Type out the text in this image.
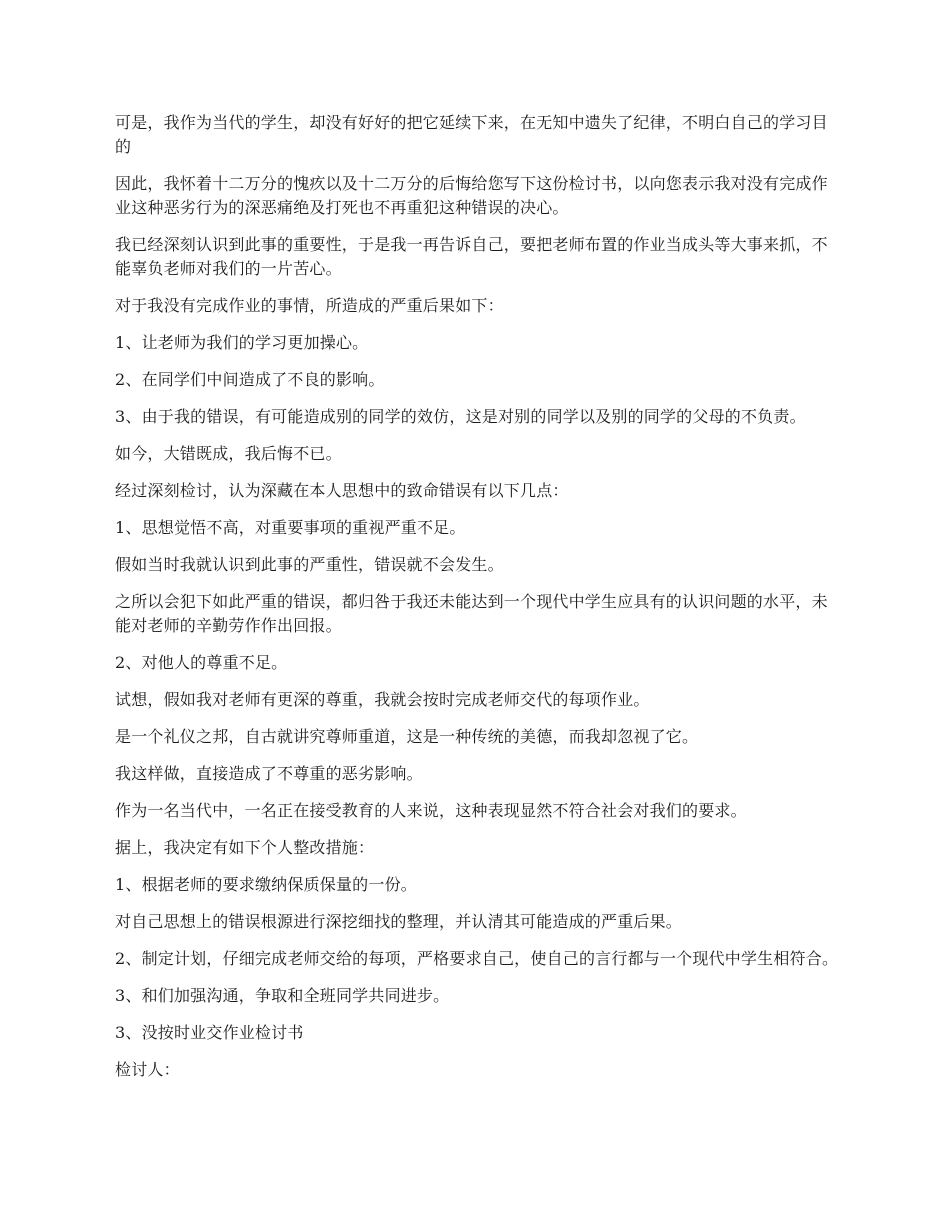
可是，我作为当代的学生，却没有好好的把它延续下来，在无知中遗失了纪律，不明白自己的学习目的

因此，我怀着十二万分的愧疚以及十二万分的后悔给您写下这份检讨书，以向您表示我对没有完成作业这种恶劣行为的深恶痛绝及打死也不再重犯这种错误的决心。

我已经深刻认识到此事的重要性，于是我一再告诉自己，要把老师布置的作业当成头等大事来抓，不能辜负老师对我们的一片苦心。

对于我没有完成作业的事情，所造成的严重后果如下：

1、让老师为我们的学习更加操心。

2、在同学们中间造成了不良的影响。

3、由于我的错误，有可能造成别的同学的效仿，这是对别的同学以及别的同学的父母的不负责。

如今，大错既成，我后悔不已。

经过深刻检讨，认为深藏在本人思想中的致命错误有以下几点：

1、思想觉悟不高，对重要事项的重视严重不足。

假如当时我就认识到此事的严重性，错误就不会发生。

之所以会犯下如此严重的错误，都归咎于我还未能达到一个现代中学生应具有的认识问题的水平，未能对老师的辛勤劳作作出回报。

2、对他人的尊重不足。

试想，假如我对老师有更深的尊重，我就会按时完成老师交代的每项作业。

是一个礼仪之邦，自古就讲究尊师重道，这是一种传统的美德，而我却忽视了它。

我这样做，直接造成了不尊重的恶劣影响。

作为一名当代中，一名正在接受教育的人来说，这种表现显然不符合社会对我们的要求。

据上，我决定有如下个人整改措施：

1、根据老师的要求缴纳保质保量的一份。

对自己思想上的错误根源进行深挖细找的整理，并认清其可能造成的严重后果。

2、制定计划，仔细完成老师交给的每项，严格要求自己，使自己的言行都与一个现代中学生相符合。

3、和们加强沟通，争取和全班同学共同进步。

3、没按时业交作业检讨书

检讨人：
